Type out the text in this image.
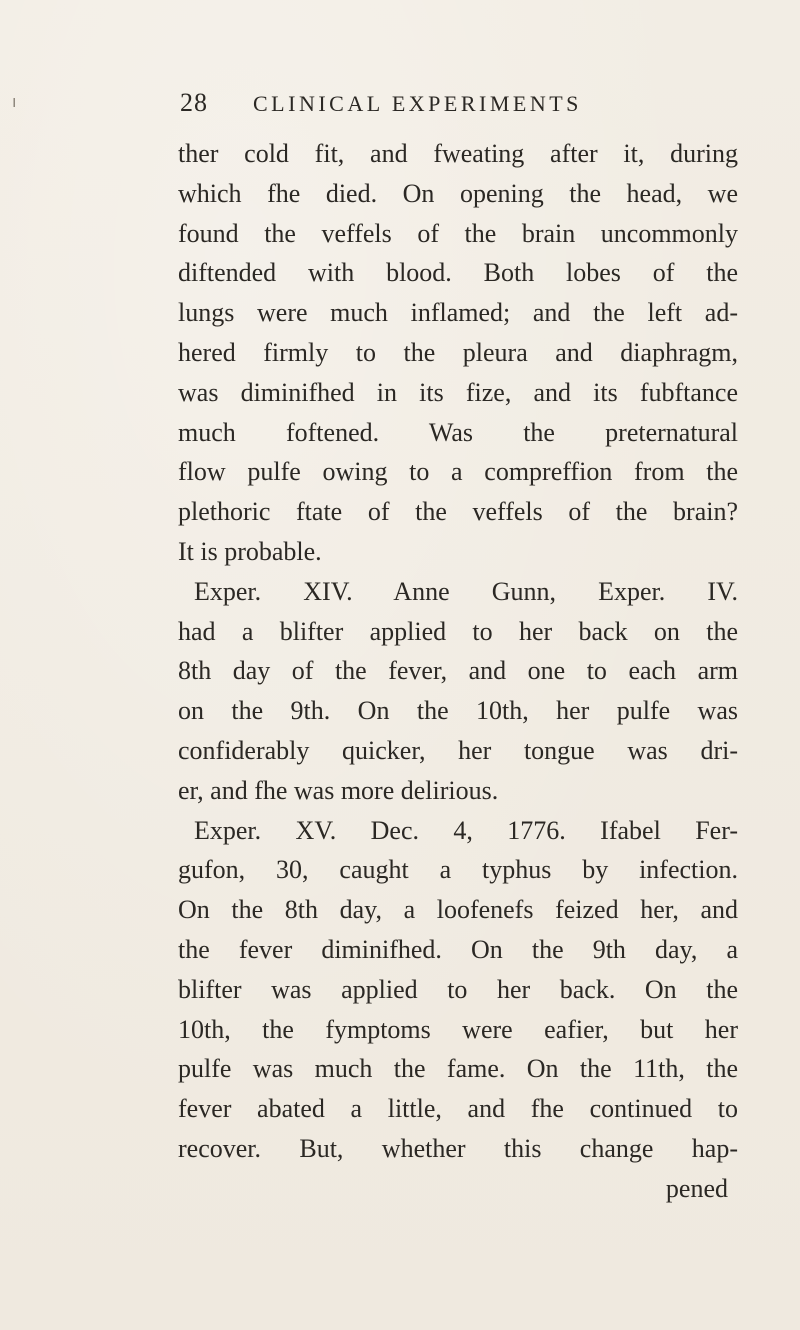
ı	28 CLINICAL EXPERIMENTS
ther cold fit, and fweating after it, during
which fhe died. On opening the head, we
found the veffels of the brain uncommonly
diftended with blood. Both lobes of the
lungs were much inflamed; and the left ad-
hered firmly to the pleura and diaphragm,
was diminifhed in its fize, and its fubftance
much foftened. Was the preternatural
flow pulfe owing to a compreffion from the
plethoric ftate of the veffels of the brain?
It is probable.
Exper. XIV. Anne Gunn, Exper. IV.
had a blifter applied to her back on the
8th day of the fever, and one to each arm
on the 9th. On the 10th, her pulfe was
confiderably quicker, her tongue was dri-
er, and fhe was more delirious.
Exper. XV. Dec. 4, 1776. Ifabel Fer-
gufon, 30, caught a typhus by infection.
On the 8th day, a loofenefs feized her, and
the fever diminifhed. On the 9th day, a
blifter was applied to her back. On the
10th, the fymptoms were eafier, but her
pulfe was much the fame. On the 11th, the
fever abated a little, and fhe continued to
recover. But, whether this change hap-
pened
